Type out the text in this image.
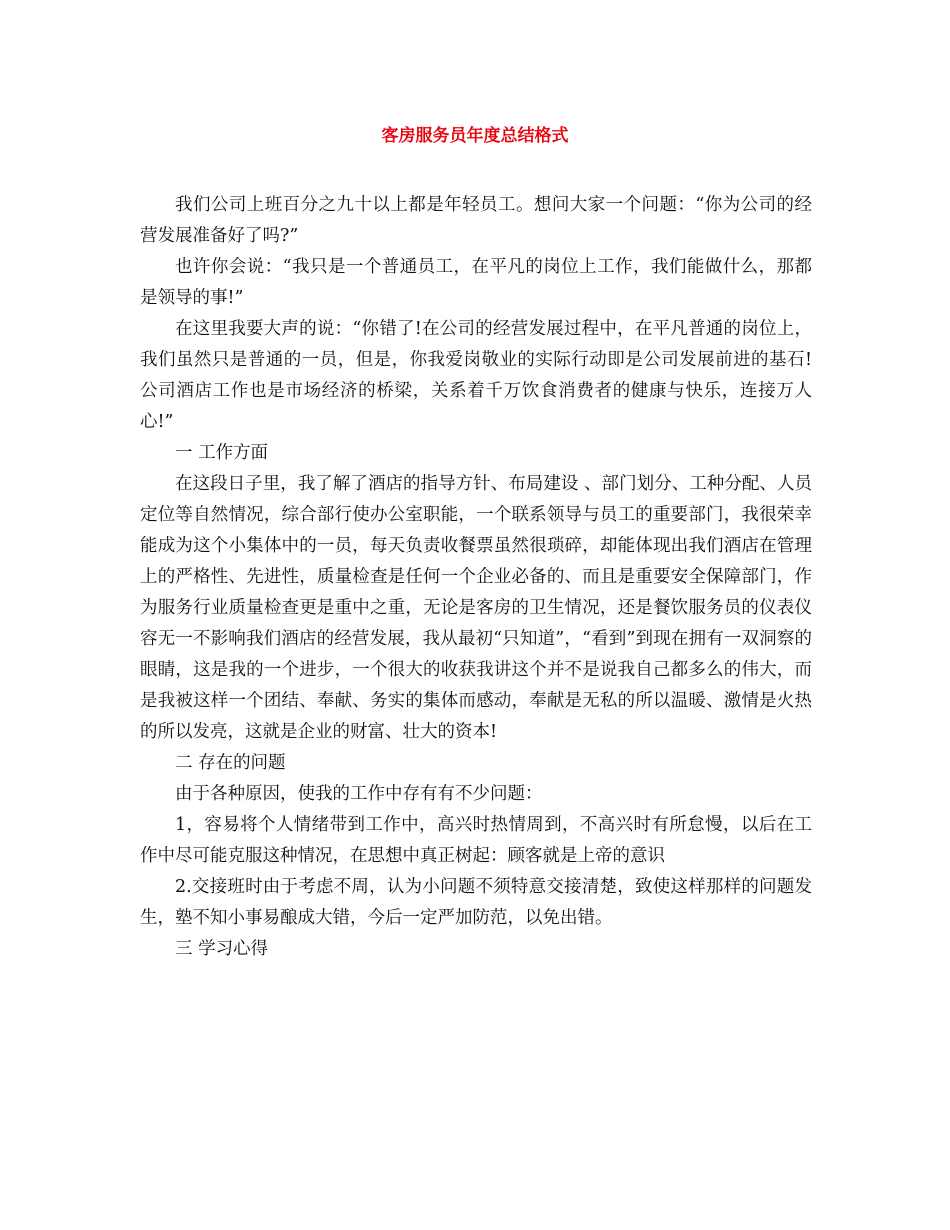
客房服务员年度总结格式

我们公司上班百分之九十以上都是年轻员工。想问大家一个问题：“你为公司的经营发展准备好了吗?”

也许你会说：“我只是一个普通员工，在平凡的岗位上工作，我们能做什么，那都是领导的事!”

在这里我要大声的说：“你错了!在公司的经营发展过程中，在平凡普通的岗位上，我们虽然只是普通的一员，但是，你我爱岗敬业的实际行动即是公司发展前进的基石!公司酒店工作也是市场经济的桥梁，关系着千万饮食消费者的健康与快乐，连接万人心!”

一 工作方面

在这段日子里，我了解了酒店的指导方针、布局建设 、部门划分、工种分配、人员定位等自然情况，综合部行使办公室职能，一个联系领导与员工的重要部门，我很荣幸能成为这个小集体中的一员，每天负责收餐票虽然很琐碎，却能体现出我们酒店在管理上的严格性、先进性，质量检查是任何一个企业必备的、而且是重要安全保障部门，作为服务行业质量检查更是重中之重，无论是客房的卫生情况，还是餐饮服务员的仪表仪容无一不影响我们酒店的经营发展，我从最初“只知道”，“看到”到现在拥有一双洞察的眼睛，这是我的一个进步，一个很大的收获我讲这个并不是说我自己都多么的伟大，而是我被这样一个团结、奉献、务实的集体而感动，奉献是无私的所以温暖、激情是火热的所以发亮，这就是企业的财富、壮大的资本!

二 存在的问题

由于各种原因，使我的工作中存有有不少问题：

1，容易将个人情绪带到工作中，高兴时热情周到，不高兴时有所怠慢，以后在工作中尽可能克服这种情况，在思想中真正树起：顾客就是上帝的意识

2.交接班时由于考虑不周，认为小问题不须特意交接清楚，致使这样那样的问题发生，塾不知小事易酿成大错，今后一定严加防范，以免出错。

三 学习心得
